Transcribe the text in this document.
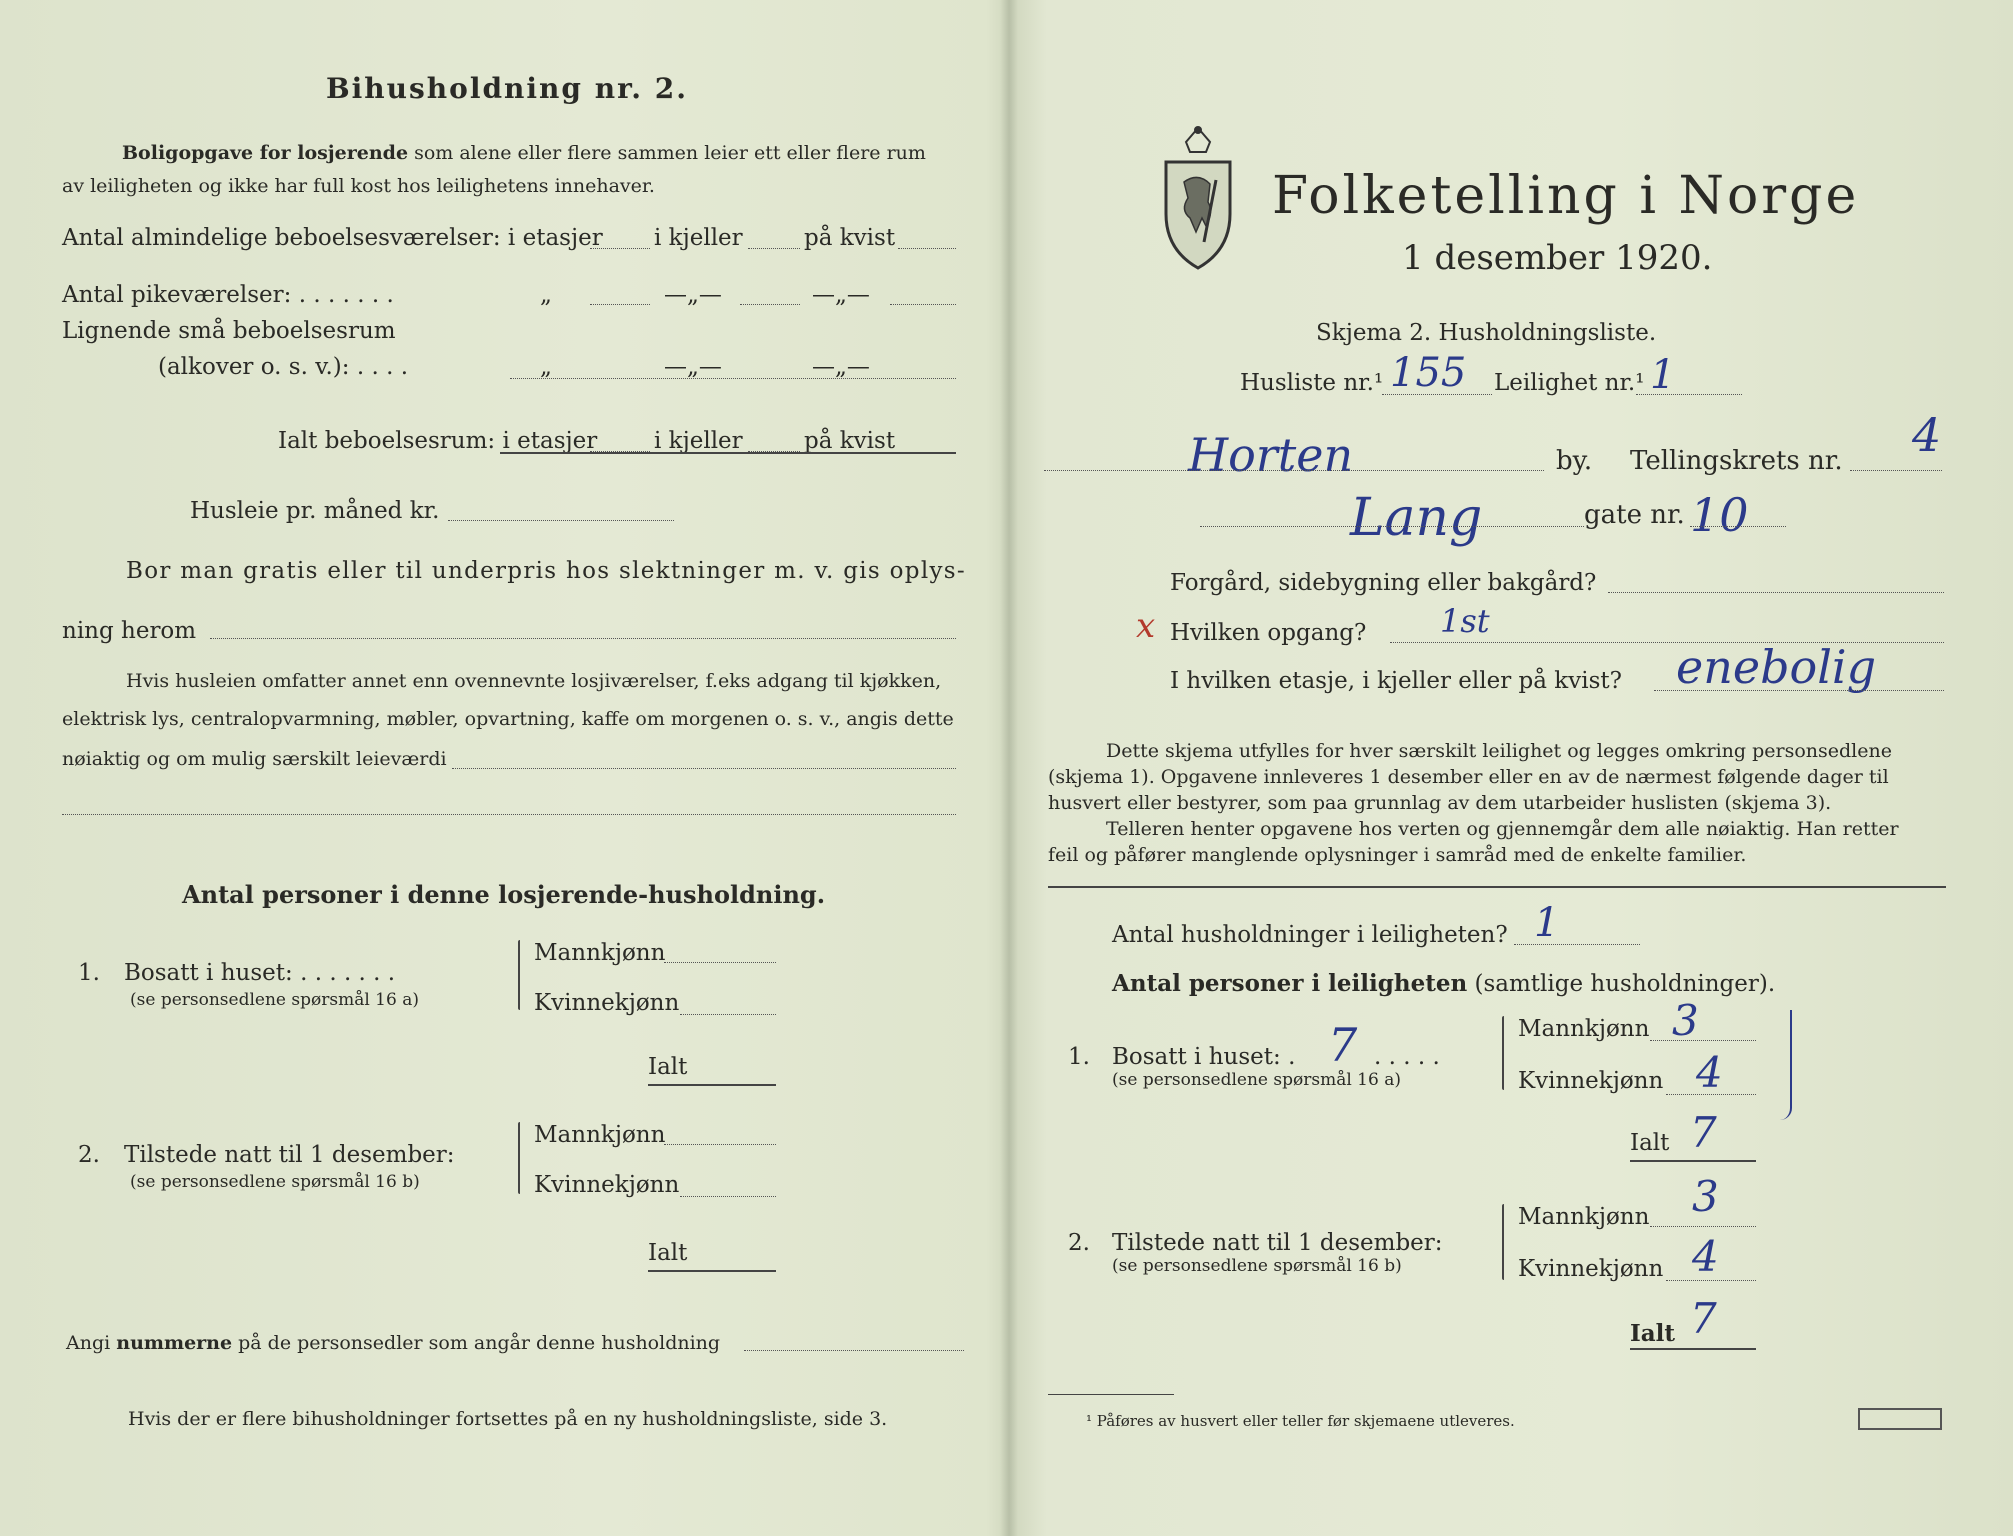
Bihusholdning nr. 2.
Boligopgave for losjerende som alene eller flere sammen leier ett eller flere rum
av leiligheten og ikke har full kost hos leilighetens innehaver.
Antal almindelige beboelsesværelser: i etasjer i kjeller	på kvist
Antal pikeværelser: . . . . . . .	„	—„—	—„—
Lignende små beboelsesrum
(alkover o. s. v.): . . . .	„	—„—	—„—
Ialt beboelsesrum: i etasjer i kjeller	på kvist
Husleie pr. måned kr.
Bor man gratis eller til underpris hos slektninger m. v. gis oplys-
ning herom
Hvis husleien omfatter annet enn ovennevnte losjiværelser, f.eks adgang til kjøkken,
elektrisk lys, centralopvarmning, møbler, opvartning, kaffe om morgenen o. s. v., angis dette
nøiaktig og om mulig særskilt leieværdi
Antal personer i denne losjerende-husholdning.
1. Bosatt i huset: . . . . . . .
(se personsedlene spørsmål 16 a)
Mannkjønn
Kvinnekjønn
Ialt
2. Tilstede natt til 1 desember:
(se personsedlene spørsmål 16 b)
Mannkjønn
Kvinnekjønn
Ialt
Angi nummerne på de personsedler som angår denne husholdning
Hvis der er flere bihusholdninger fortsettes på en ny husholdningsliste, side 3.
Folketelling i Norge
1 desember 1920.
Skjema 2. Husholdningsliste.
Husliste nr.¹ 155 Leilighet nr.¹ 1
Horten	by. Tellingskrets nr. 4
Lang	gate nr. 10
Forgård, sidebygning eller bakgård?
x Hvilken opgang? 1st
I hvilken etasje, i kjeller eller på kvist? enebolig
Dette skjema utfylles for hver særskilt leilighet og legges omkring personsedlene
(skjema 1). Opgavene innleveres 1 desember eller en av de nærmest følgende dager til
husvert eller bestyrer, som paa grunnlag av dem utarbeider huslisten (skjema 3).
Telleren henter opgavene hos verten og gjennemgår dem alle nøiaktig. Han retter
feil og påfører manglende oplysninger i samråd med de enkelte familier.
Antal husholdninger i leiligheten? 1
Antal personer i leiligheten (samtlige husholdninger).
1. Bosatt i huset: . 7 . . . . .
(se personsedlene spørsmål 16 a)
Mannkjønn 3
Kvinnekjønn 4
Ialt 7
2. Tilstede natt til 1 desember:
(se personsedlene spørsmål 16 b)
Mannkjønn 3
Kvinnekjønn 4
Ialt 7
¹ Påføres av husvert eller teller før skjemaene utleveres.
